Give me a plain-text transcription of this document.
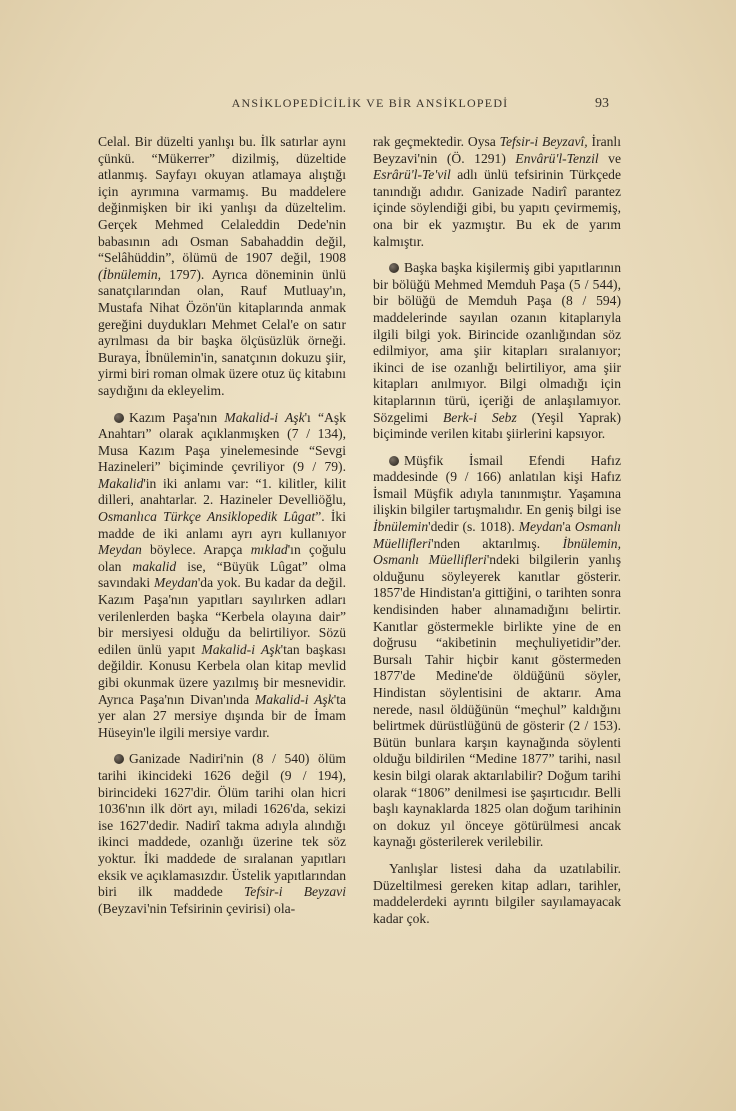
ANSİKLOPEDİCİLİK VE BİR ANSİKLOPEDİ	93

Celal. Bir düzelti yanlışı bu. İlk satırlar aynı çünkü. “Mükerrer” dizilmiş, düzeltide atlanmış. Sayfayı okuyan atlamaya alıştığı için ayrımına varmamış. Bu maddelere değinmişken bir iki yanlışı da düzeltelim. Gerçek Mehmed Celaleddin Dede'nin babasının adı Osman Sabahaddin değil, “Selâhüddin”, ölümü de 1907 değil, 1908 (İbnülemin, 1797). Ayrıca döneminin ünlü sanatçılarından olan, Rauf Mutluay'ın, Mustafa Nihat Özön'ün kitaplarında anmak gereğini duydukları Mehmet Celal'e on satır ayrılması da bir başka ölçüsüzlük örneği. Buraya, İbnülemin'in, sanatçının dokuzu şiir, yirmi biri roman olmak üzere otuz üç kitabını saydığını da ekleyelim.

Kazım Paşa'nın Makalid-i Aşk'ı “Aşk Anahtarı” olarak açıklanmışken (7 / 134), Musa Kazım Paşa yinelemesinde “Sevgi Hazineleri” biçiminde çevriliyor (9 / 79). Makalid'in iki anlamı var: “1. kilitler, kilit dilleri, anahtarlar. 2. Hazineler Develliöğlu, Osmanlıca Türkçe Ansiklopedik Lûgat”. İki madde de iki anlamı ayrı ayrı kullanıyor Meydan böylece. Arapça mıklad'ın çoğulu olan makalid ise, “Büyük Lûgat” olma savındaki Meydan'da yok. Bu kadar da değil. Kazım Paşa'nın yapıtları sayılırken adları verilenlerden başka “Kerbela olayına dair” bir mersiyesi olduğu da belirtiliyor. Sözü edilen ünlü yapıt Makalid-i Aşk'tan başkası değildir. Konusu Kerbela olan kitap mevlid gibi okunmak üzere yazılmış bir mesnevidir. Ayrıca Paşa'nın Divan'ında Makalid-i Aşk'ta yer alan 27 mersiye dışında bir de İmam Hüseyin'le ilgili mersiye vardır.

Ganizade Nadiri'nin (8 / 540) ölüm tarihi ikincideki 1626 değil (9 / 194), birincideki 1627'dir. Ölüm tarihi olan hicri 1036'nın ilk dört ayı, miladi 1626'da, sekizi ise 1627'dedir. Nadirî takma adıyla alındığı ikinci maddede, ozanlığı üzerine tek söz yoktur. İki maddede de sıralanan yapıtları eksik ve açıklamasızdır. Üstelik yapıtlarından biri ilk maddede Tefsir-i Beyzavi (Beyzavi'nin Tefsirinin çevirisi) ola-

rak geçmektedir. Oysa Tefsir-i Beyzavî, İranlı Beyzavi'nin (Ö. 1291) Envârü'l-Tenzil ve Esrârü'l-Te'vil adlı ünlü tefsirinin Türkçede tanındığı adıdır. Ganizade Nadirî parantez içinde söylendiği gibi, bu yapıtı çevirmemiş, ona bir ek yazmıştır. Bu ek de yarım kalmıştır.

Başka başka kişilermiş gibi yapıtlarının bir bölüğü Mehmed Memduh Paşa (5 / 544), bir bölüğü de Memduh Paşa (8 / 594) maddelerinde sayılan ozanın kitaplarıyla ilgili bilgi yok. Birincide ozanlığından söz edilmiyor, ama şiir kitapları sıralanıyor; ikinci de ise ozanlığı belirtiliyor, ama şiir kitapları anılmıyor. Bilgi olmadığı için kitaplarının türü, içeriği de anlaşılamıyor. Sözgelimi Berk-i Sebz (Yeşil Yaprak) biçiminde verilen kitabı şiirlerini kapsıyor.

Müşfik İsmail Efendi Hafız maddesinde (9 / 166) anlatılan kişi Hafız İsmail Müşfik adıyla tanınmıştır. Yaşamına ilişkin bilgiler tartışmalıdır. En geniş bilgi ise İbnülemin'dedir (s. 1018). Meydan'a Osmanlı Müellifleri'nden aktarılmış. İbnülemin, Osmanlı Müellifleri'ndeki bilgilerin yanlış olduğunu söyleyerek kanıtlar gösterir. 1857'de Hindistan'a gittiğini, o tarihten sonra kendisinden haber alınamadığını belirtir. Kanıtlar göstermekle birlikte yine de en doğrusu “akibetinin meçhuliyetidir”der. Bursalı Tahir hiçbir kanıt göstermeden 1877'de Medine'de öldüğünü söyler, Hindistan söylentisini de aktarır. Ama nerede, nasıl öldüğünün “meçhul” kaldığını belirtmek dürüstlüğünü de gösterir (2 / 153). Bütün bunlara karşın kaynağında söylenti olduğu bildirilen “Medine 1877” tarihi, nasıl kesin bilgi olarak aktarılabilir? Doğum tarihi olarak “1806” denilmesi ise şaşırtıcıdır. Belli başlı kaynaklarda 1825 olan doğum tarihinin on dokuz yıl önceye götürülmesi ancak kaynağı gösterilerek verilebilir.

Yanlışlar listesi daha da uzatılabilir. Düzeltilmesi gereken kitap adları, tarihler, maddelerdeki ayrıntı bilgiler sayılamayacak kadar çok.
